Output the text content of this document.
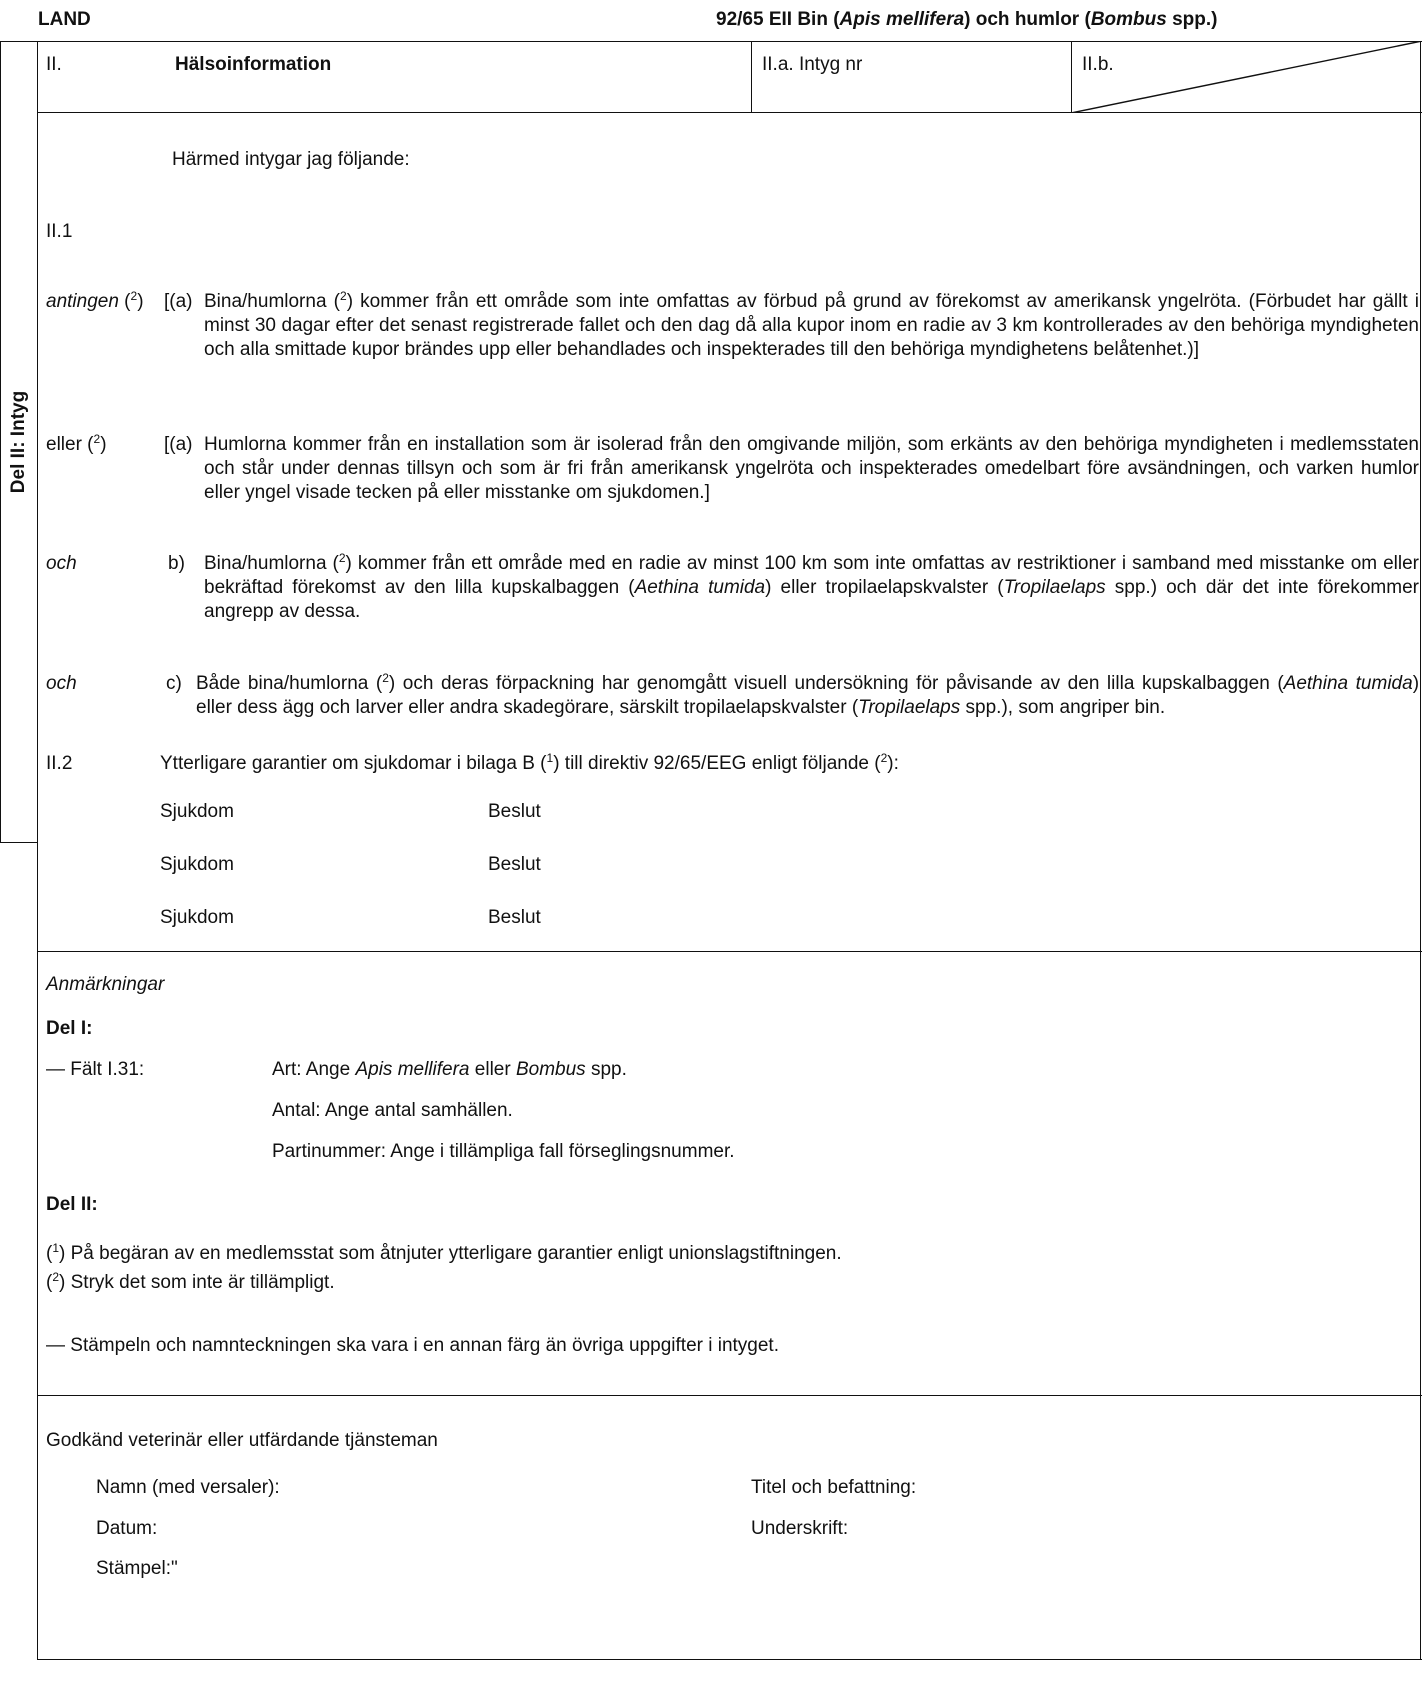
LAND	92/65 EII Bin (Apis mellifera) och humlor (Bombus spp.)
Del II: Intyg
II.	Hälsoinformation	II.a. Intyg nr	II.b.
Härmed intygar jag följande:
II.1
antingen ($^2$) [(a) Bina/humlorna ($^2$) kommer från ett område som inte omfattas av förbud på grund av förekomst av amerikansk yngelröta. (Förbudet har gällt i minst 30 dagar efter det senast registrerade fallet och den dag då alla kupor inom en radie av 3 km kontrollerades av den behöriga myndigheten och alla smittade kupor brändes upp eller behandlades och inspekterades till den behöriga myndighetens belåtenhet.)]
eller ($^2$)	[(a) Humlorna kommer från en installation som är isolerad från den omgivande miljön, som erkänts av den behöriga myndigheten i medlemsstaten och står under dennas tillsyn och som är fri från amerikansk yngelröta och inspekterades omedelbart före avsändningen, och varken humlor eller yngel visade tecken på eller misstanke om sjukdomen.]
och	b) Bina/humlorna ($^2$) kommer från ett område med en radie av minst 100 km som inte omfattas av restriktioner i samband med misstanke om eller bekräftad förekomst av den lilla kupskalbaggen (Aethina tumida) eller tropilaelapskvalster (Tropilaelaps spp.) och där det inte förekommer angrepp av dessa.
och	c) Både bina/humlorna ($^2$) och deras förpackning har genomgått visuell undersökning för påvisande av den lilla kupskalbaggen (Aethina tumida) eller dess ägg och larver eller andra skadegörare, särskilt tropilaelapskvalster (Tropilaelaps spp.), som angriper bin.
II.2	Ytterligare garantier om sjukdomar i bilaga B ($^1$) till direktiv 92/65/EEG enligt följande ($^2$):
Sjukdom	Beslut
Sjukdom	Beslut
Sjukdom	Beslut
Anmärkningar
Del I:
— Fält I.31:	Art: Ange Apis mellifera eller Bombus spp.
Antal: Ange antal samhällen.
Partinummer: Ange i tillämpliga fall förseglingsnummer.
Del II:
($^1$) På begäran av en medlemsstat som åtnjuter ytterligare garantier enligt unionslagstiftningen.
($^2$) Stryk det som inte är tillämpligt.
— Stämpeln och namnteckningen ska vara i en annan färg än övriga uppgifter i intyget.
Godkänd veterinär eller utfärdande tjänsteman
Namn (med versaler):	Titel och befattning:
Datum:	Underskrift:
Stämpel:"
